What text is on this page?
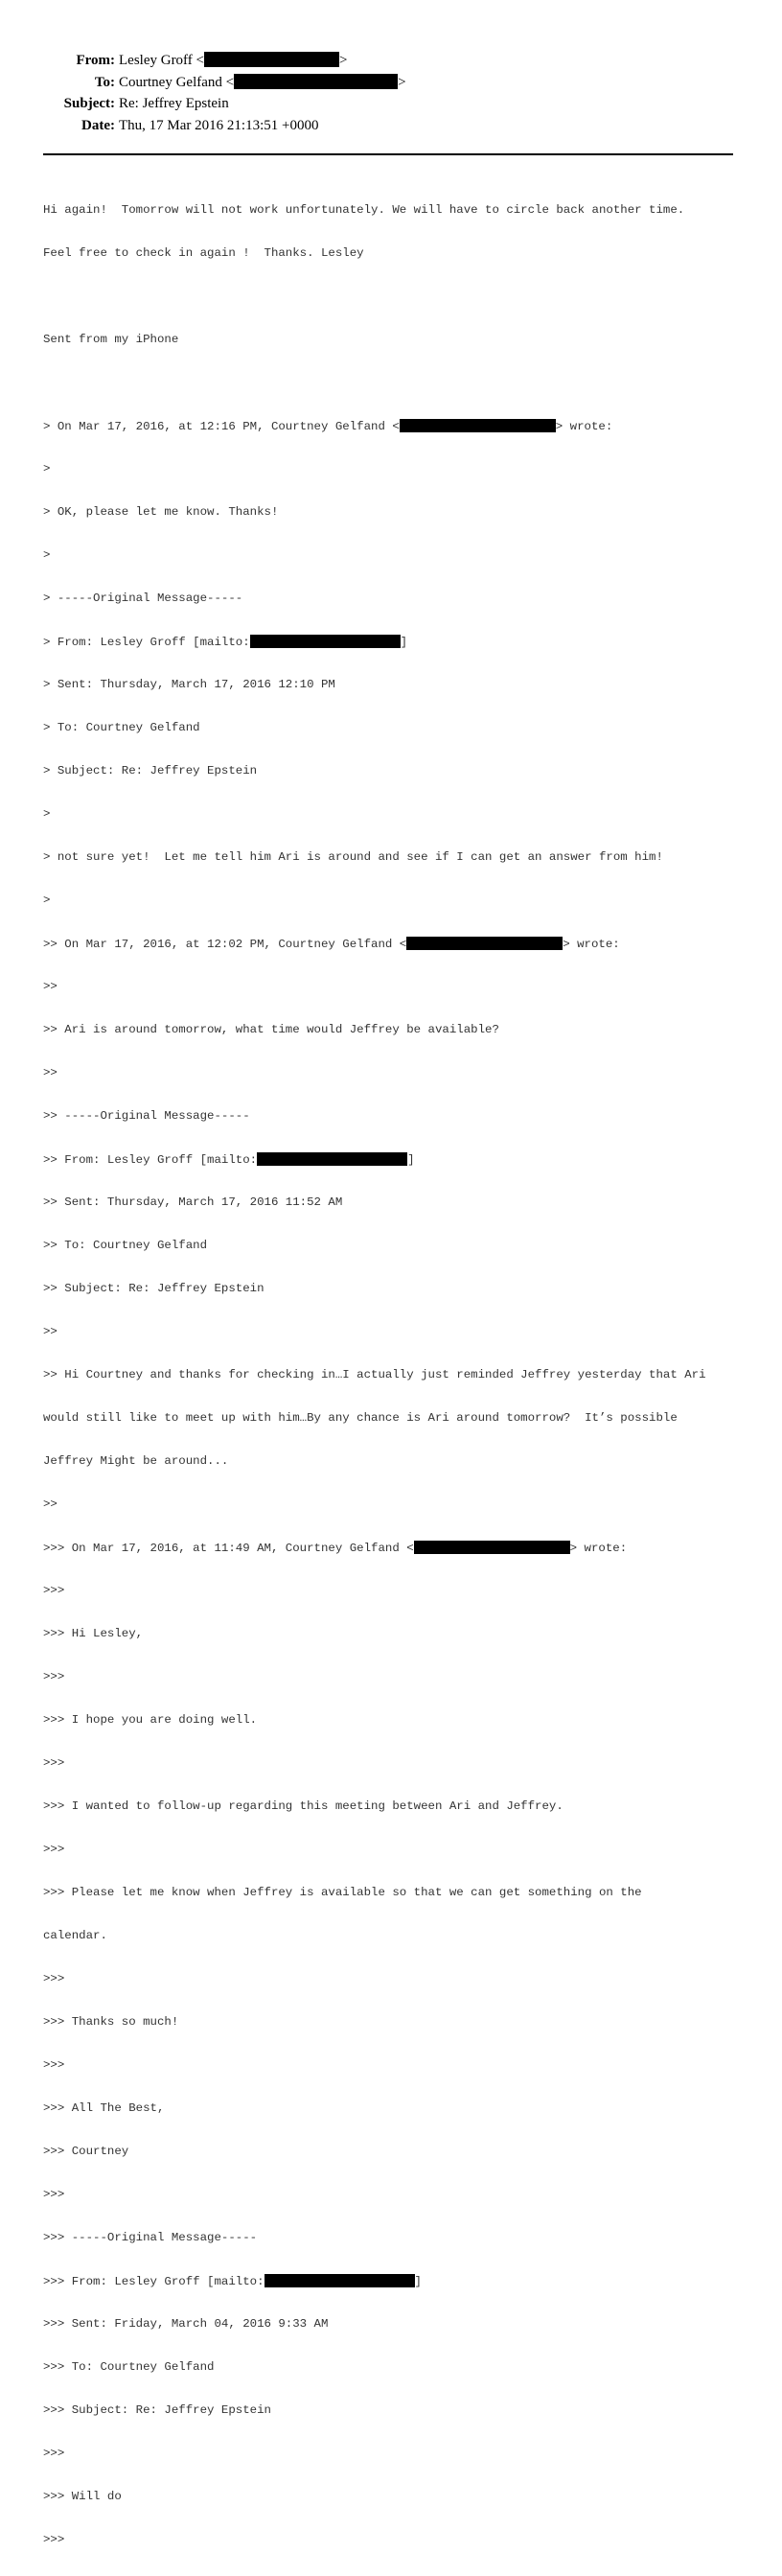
From: Lesley Groff <	>
To: Courtney Gelfand <	>
Subject: Re: Jeffrey Epstein
Date: Thu, 17 Mar 2016 21:13:51 +0000

Hi again!  Tomorrow will not work unfortunately. We will have to circle back another time.

Feel free to check in again !  Thanks. Lesley

Sent from my iPhone

> On Mar 17, 2016, at 12:16 PM, Courtney Gelfand <	> wrote:

>

> OK, please let me know. Thanks!

>

> -----Original Message-----

> From: Lesley Groff [mailto:	]

> Sent: Thursday, March 17, 2016 12:10 PM

> To: Courtney Gelfand

> Subject: Re: Jeffrey Epstein

>

> not sure yet!  Let me tell him Ari is around and see if I can get an answer from him!

>

>> On Mar 17, 2016, at 12:02 PM, Courtney Gelfand <	> wrote:

>>

>> Ari is around tomorrow, what time would Jeffrey be available?

>>

>> -----Original Message-----

>> From: Lesley Groff [mailto:	]

>> Sent: Thursday, March 17, 2016 11:52 AM

>> To: Courtney Gelfand

>> Subject: Re: Jeffrey Epstein

>>

>> Hi Courtney and thanks for checking in…I actually just reminded Jeffrey yesterday that Ari

would still like to meet up with him…By any chance is Ari around tomorrow?  It’s possible

Jeffrey Might be around...

>>

>>> On Mar 17, 2016, at 11:49 AM, Courtney Gelfand <	> wrote:

>>>

>>> Hi Lesley,

>>>

>>> I hope you are doing well.

>>>

>>> I wanted to follow-up regarding this meeting between Ari and Jeffrey.

>>>

>>> Please let me know when Jeffrey is available so that we can get something on the

calendar.

>>>

>>> Thanks so much!

>>>

>>> All The Best,

>>> Courtney

>>>

>>> -----Original Message-----

>>> From: Lesley Groff [mailto:	]

>>> Sent: Friday, March 04, 2016 9:33 AM

>>> To: Courtney Gelfand

>>> Subject: Re: Jeffrey Epstein

>>>

>>> Will do

>>>
